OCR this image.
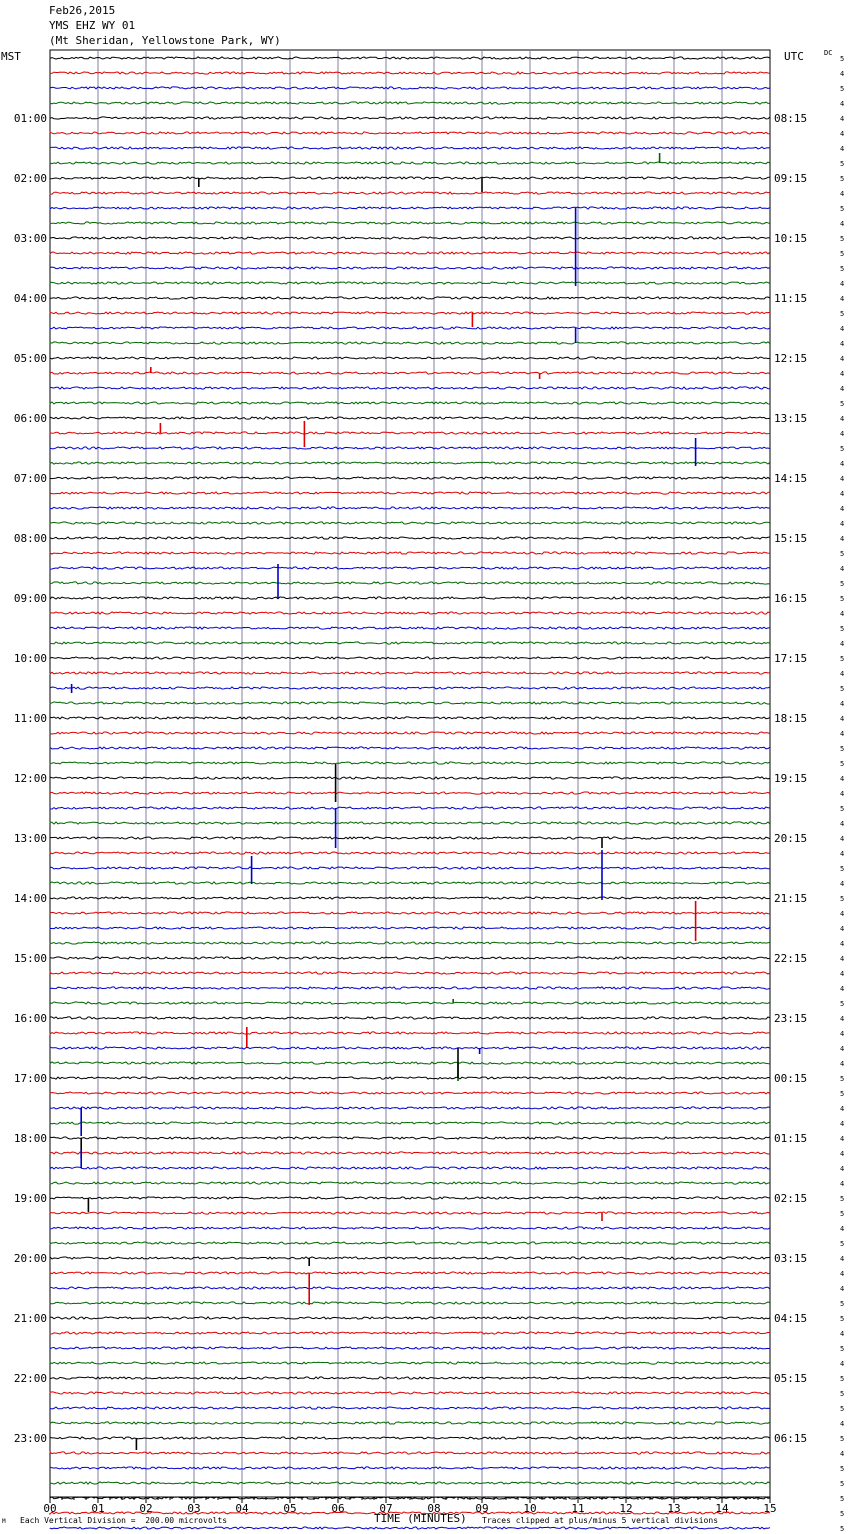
5
4
5
4
4
4
4
5
5
4
5
4
5
5
5
4
4
5
4
4
4
4
4
5
4
4
5
4
4
4
4
4
4
5
4
5
5
4
5
4
5
4
5
4
4
4
5
5
4
4
5
4
4
4
5
4
5
4
4
4
4
4
4
5
4
4
4
4
5
5
4
4
4
4
4
4
5
5
4
5
4
4
4
5
5
4
5
4
5
5
5
4
5
4
5
5
5
5
5
01:00
02:00
03:00
04:00
05:00
06:00
07:00
08:00
09:00
10:00
11:00
12:00
13:00
14:00
15:00
16:00
17:00
18:00
19:00
20:00
21:00
22:00
23:00
08:15
09:15
10:15
11:15
12:15
13:15
14:15
15:15
16:15
17:15
18:15
19:15
20:15
21:15
22:15
23:15
00:15
01:15
02:15
03:15
04:15
05:15
06:15
00	01	02	03	04	05	06	07	08	09	10	11	12	13	14	15
Feb26,2015
YMS EHZ WY 01
(Mt Sheridan, Yellowstone Park, WY)
MST	UTC	DC
M Each Vertical Division =  200.00 microvolts	TIME (MINUTES) Traces clipped at plus/minus 5 vertical divisions
